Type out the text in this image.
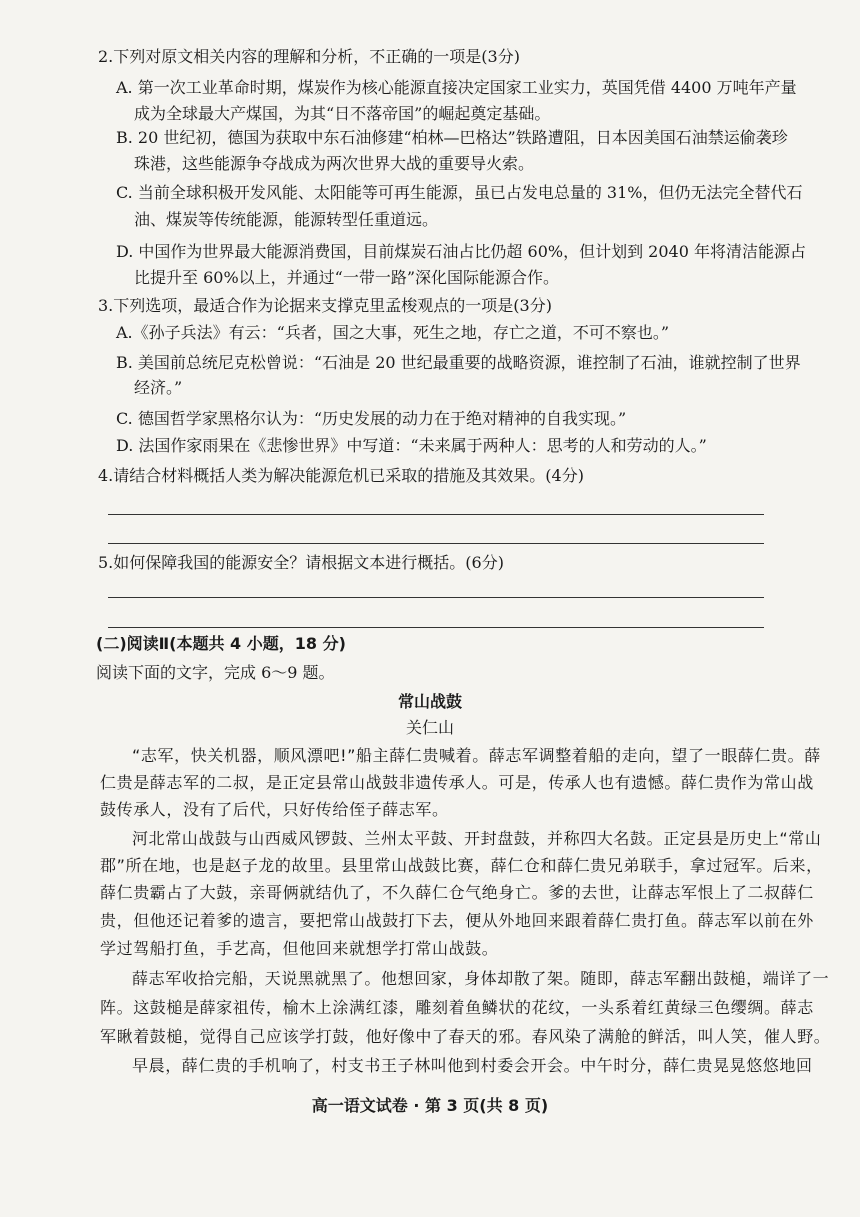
2.下列对原文相关内容的理解和分析，不正确的一项是(3分)
A. 第一次工业革命时期，煤炭作为核心能源直接决定国家工业实力，英国凭借 4400 万吨年产量
成为全球最大产煤国，为其“日不落帝国”的崛起奠定基础。
B. 20 世纪初，德国为获取中东石油修建“柏林—巴格达”铁路遭阻，日本因美国石油禁运偷袭珍
珠港，这些能源争夺战成为两次世界大战的重要导火索。
C. 当前全球积极开发风能、太阳能等可再生能源，虽已占发电总量的 31%，但仍无法完全替代石
油、煤炭等传统能源，能源转型任重道远。
D. 中国作为世界最大能源消费国，目前煤炭石油占比仍超 60%，但计划到 2040 年将清洁能源占
比提升至 60%以上，并通过“一带一路”深化国际能源合作。
3.下列选项，最适合作为论据来支撑克里孟梭观点的一项是(3分)
A.《孙子兵法》有云：“兵者，国之大事，死生之地，存亡之道，不可不察也。”
B. 美国前总统尼克松曾说：“石油是 20 世纪最重要的战略资源，谁控制了石油，谁就控制了世界
经济。”
C. 德国哲学家黑格尔认为：“历史发展的动力在于绝对精神的自我实现。”
D. 法国作家雨果在《悲惨世界》中写道：“未来属于两种人：思考的人和劳动的人。”
4.请结合材料概括人类为解决能源危机已采取的措施及其效果。(4分)
5.如何保障我国的能源安全？请根据文本进行概括。(6分)
(二)阅读Ⅱ(本题共 4 小题，18 分)
阅读下面的文字，完成 6～9 题。
常山战鼓
关仁山
“志军，快关机器，顺风漂吧!”船主薛仁贵喊着。薛志军调整着船的走向，望了一眼薛仁贵。薛
仁贵是薛志军的二叔，是正定县常山战鼓非遗传承人。可是，传承人也有遗憾。薛仁贵作为常山战
鼓传承人，没有了后代，只好传给侄子薛志军。
河北常山战鼓与山西威风锣鼓、兰州太平鼓、开封盘鼓，并称四大名鼓。正定县是历史上“常山
郡”所在地，也是赵子龙的故里。县里常山战鼓比赛，薛仁仓和薛仁贵兄弟联手，拿过冠军。后来，
薛仁贵霸占了大鼓，亲哥俩就结仇了，不久薛仁仓气绝身亡。爹的去世，让薛志军恨上了二叔薛仁
贵，但他还记着爹的遗言，要把常山战鼓打下去，便从外地回来跟着薛仁贵打鱼。薛志军以前在外
学过驾船打鱼，手艺高，但他回来就想学打常山战鼓。
薛志军收拾完船，天说黑就黑了。他想回家，身体却散了架。随即，薛志军翻出鼓槌，端详了一
阵。这鼓槌是薛家祖传，榆木上涂满红漆，雕刻着鱼鳞状的花纹，一头系着红黄绿三色缨绸。薛志
军瞅着鼓槌，觉得自己应该学打鼓，他好像中了春天的邪。春风染了满舱的鲜活，叫人笑，催人野。
早晨，薛仁贵的手机响了，村支书王子林叫他到村委会开会。中午时分，薛仁贵晃晃悠悠地回
高一语文试卷 · 第 3 页(共 8 页)
